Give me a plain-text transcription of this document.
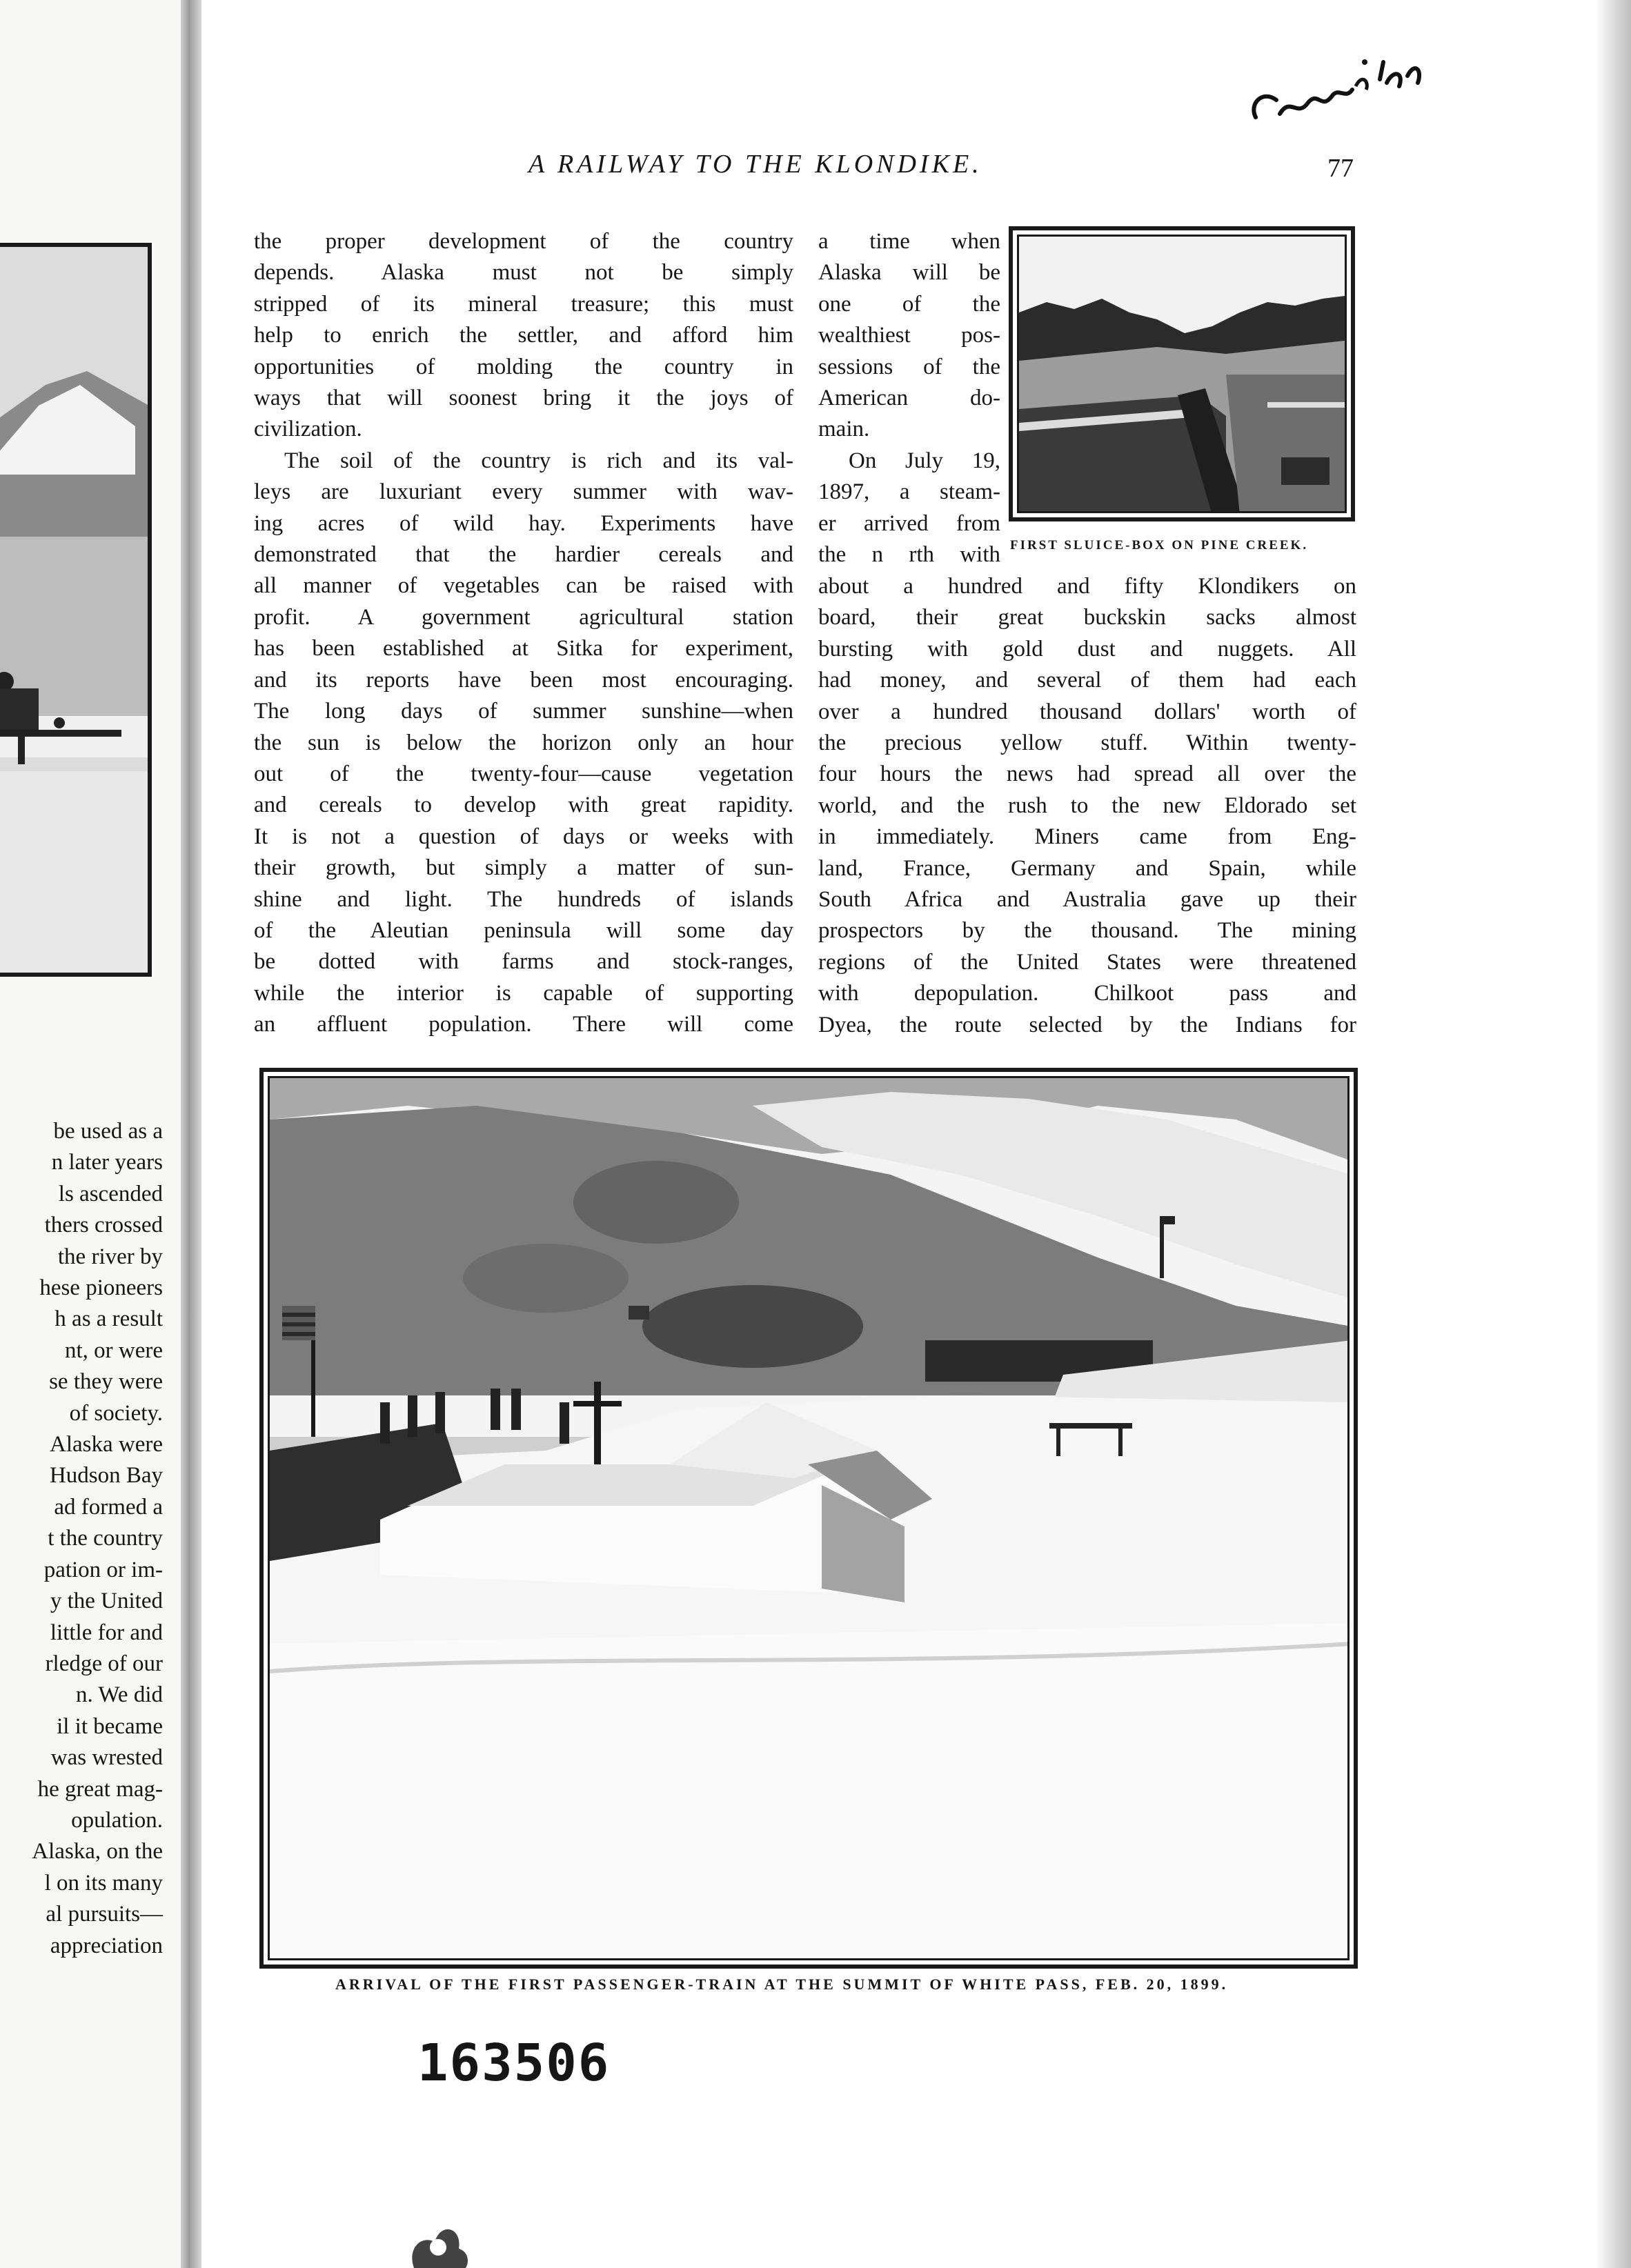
be used as a
n later years
ls ascended
thers crossed
the river by
hese pioneers
h as a result
nt, or were
se they were
of society.
Alaska were
Hudson Bay
ad formed a
t the country
pation or im-
y the United
little for and
rledge of our
n. We did
il it became
was wrested
he great mag-
opulation.
Alaska, on the
l on its many
al pursuits—
appreciation
A RAILWAY TO THE KLONDIKE.	77
the proper development of the country
depends. Alaska must not be simply
stripped of its mineral treasure; this must
help to enrich the settler, and afford him
opportunities of molding the country in
ways that will soonest bring it the joys of
civilization.
The soil of the country is rich and its val-
leys are luxuriant every summer with wav-
ing acres of wild hay. Experiments have
demonstrated that the hardier cereals and
all manner of vegetables can be raised with
profit. A government agricultural station
has been established at Sitka for experiment,
and its reports have been most encouraging.
The long days of summer sunshine—when
the sun is below the horizon only an hour
out of the twenty-four—cause vegetation
and cereals to develop with great rapidity.
It is not a question of days or weeks with
their growth, but simply a matter of sun-
shine and light. The hundreds of islands
of the Aleutian peninsula will some day
be dotted with farms and stock-ranges,
while the interior is capable of supporting
an affluent population. There will come
a time when
Alaska will be
one of the
wealthiest pos-
sessions of the
American do-
main.
On July 19,
1897, a steam-
er arrived from
the n rth with
about a hundred and fifty Klondikers on
board, their great buckskin sacks almost
bursting with gold dust and nuggets. All
had money, and several of them had each
over a hundred thousand dollars' worth of
the precious yellow stuff. Within twenty-
four hours the news had spread all over the
world, and the rush to the new Eldorado set
in immediately. Miners came from Eng-
land, France, Germany and Spain, while
South Africa and Australia gave up their
prospectors by the thousand. The mining
regions of the United States were threatened
with depopulation. Chilkoot pass and
Dyea, the route selected by the Indians for
FIRST SLUICE-BOX ON PINE CREEK.
ARRIVAL OF THE FIRST PASSENGER-TRAIN AT THE SUMMIT OF WHITE PASS, FEB. 20, 1899.
163506
